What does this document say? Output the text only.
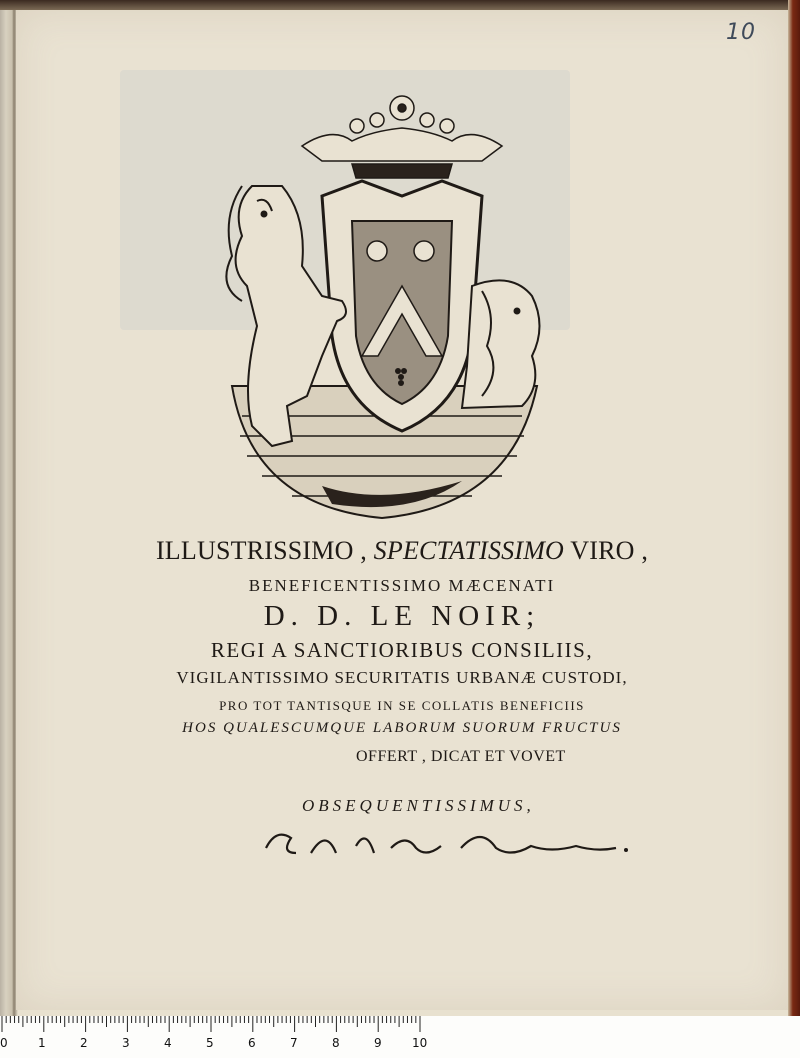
10
ILLUSTRISSIMO , SPECTATISSIMO VIRO ,
BENEFICENTISSIMO MÆCENATI
D. D. LE NOIR;
REGI A SANCTIORIBUS CONSILIIS,
VIGILANTISSIMO SECURITATIS URBANÆ CUSTODI,
PRO TOT TANTISQUE IN SE COLLATIS BENEFICIIS
HOS QUALESCUMQUE LABORUM SUORUM FRUCTUS
OFFERT , DICAT ET VOVET
OBSEQUENTISSIMUS,
0	1	2	3	4	5	6	7	8	9	10
